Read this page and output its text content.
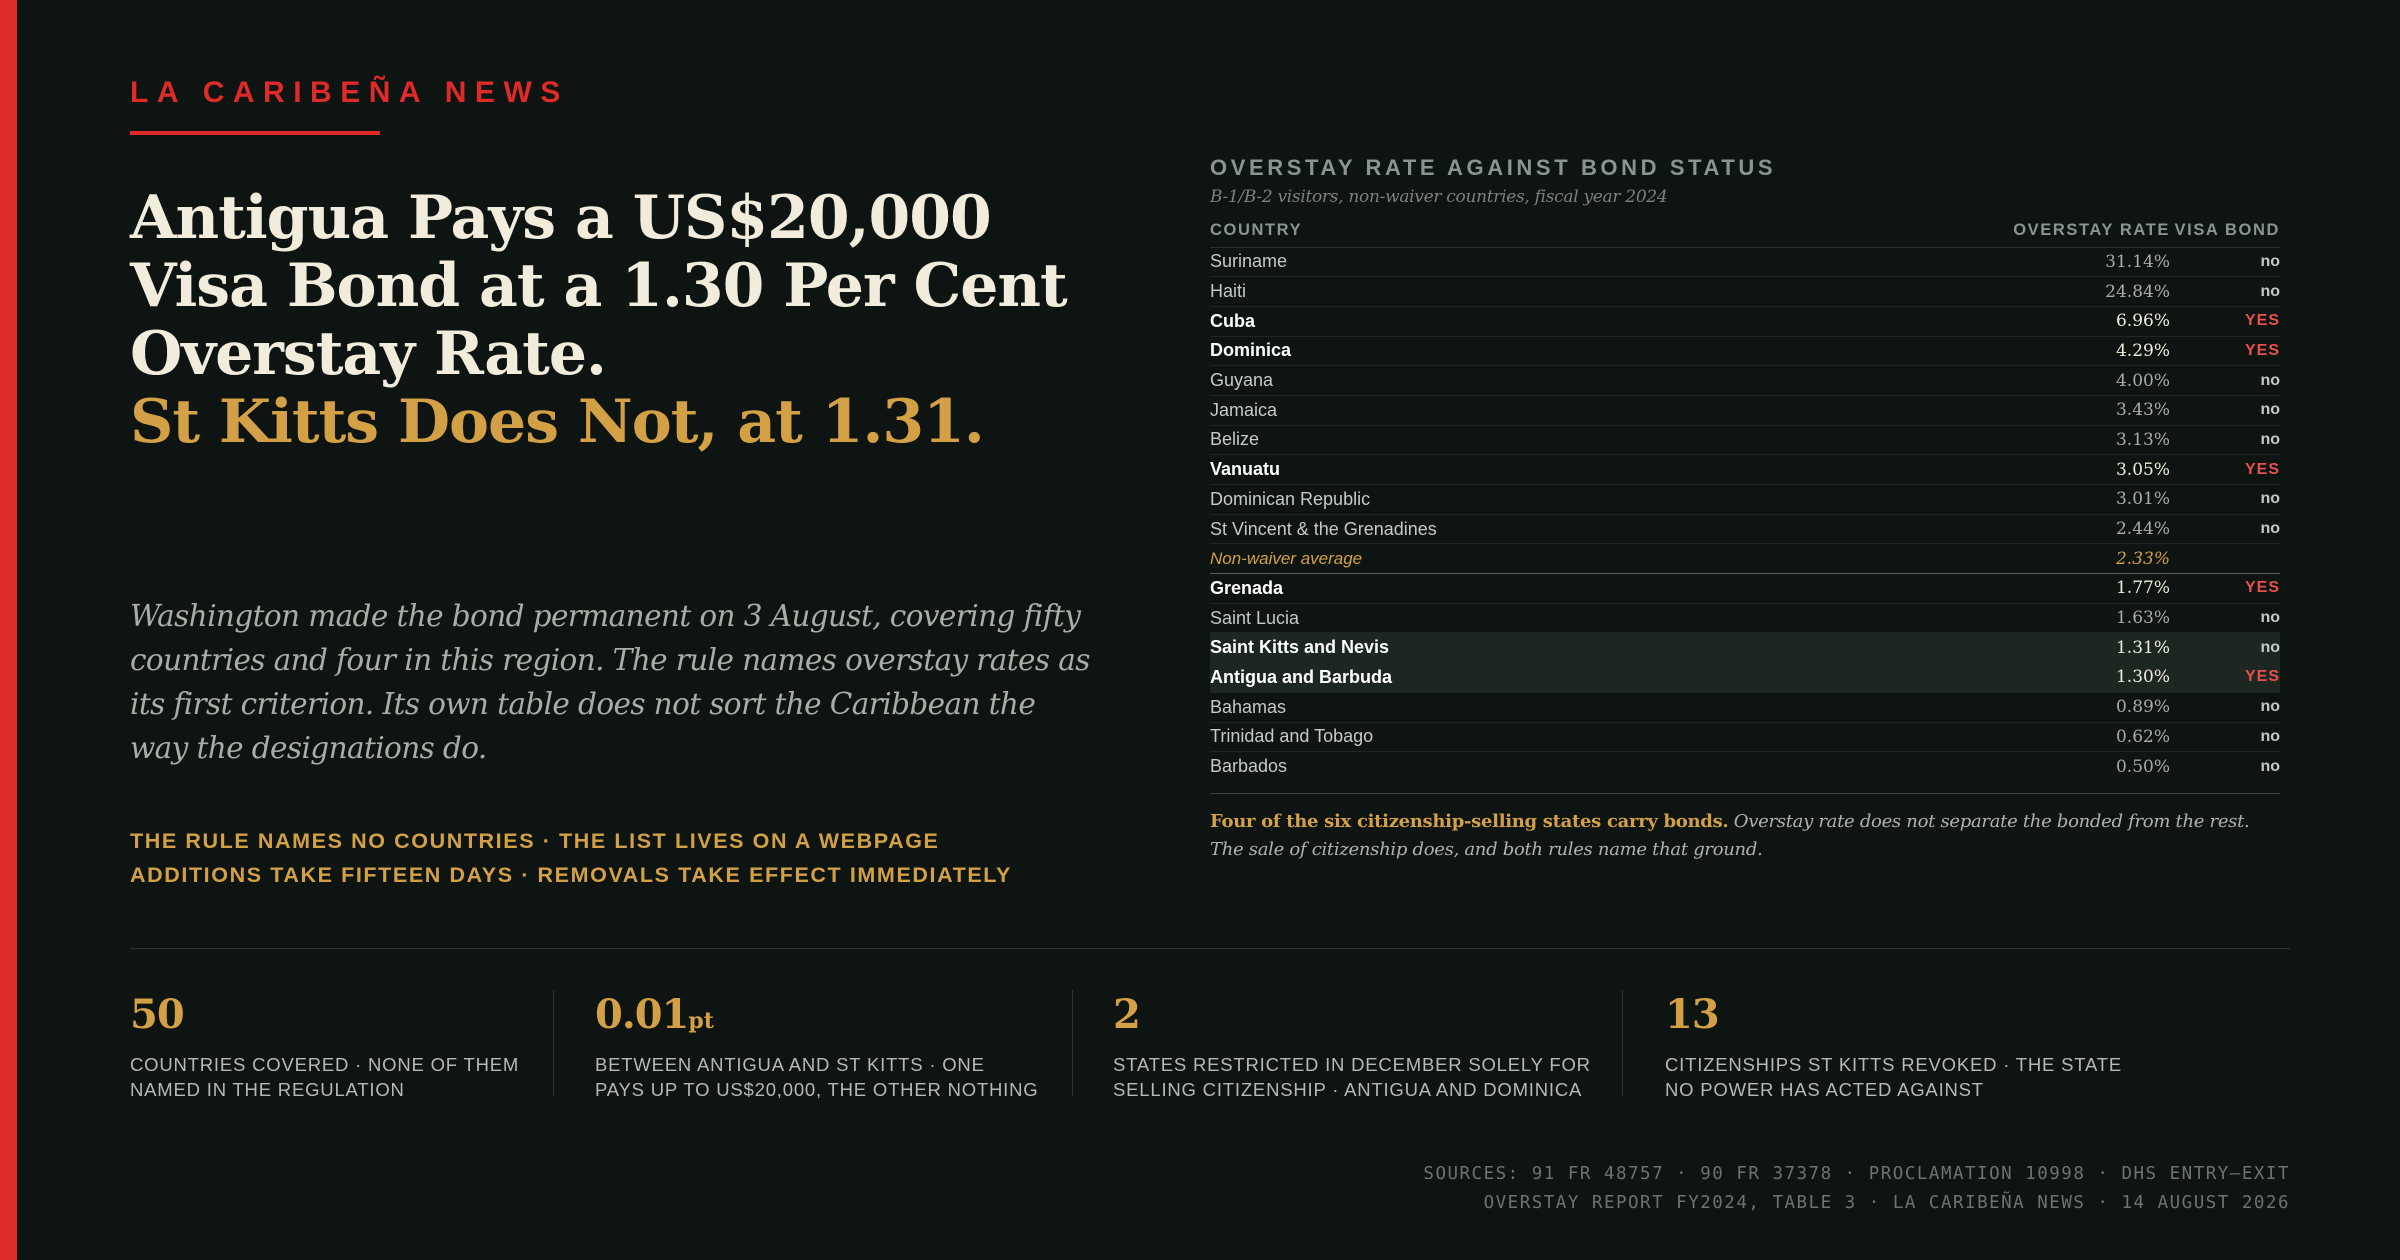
LA CARIBEÑA NEWS
Antigua Pays a US$20,000
Visa Bond at a 1.30 Per Cent
Overstay Rate.
St Kitts Does Not, at 1.31.

Washington made the bond permanent on 3 August, covering fifty countries and four in this region. The rule names overstay rates as its first criterion. Its own table does not sort the Caribbean the way the designations do.

THE RULE NAMES NO COUNTRIES · THE LIST LIVES ON A WEBPAGE
ADDITIONS TAKE FIFTEEN DAYS · REMOVALS TAKE EFFECT IMMEDIATELY
OVERSTAY RATE AGAINST BOND STATUS
B-1/B-2 visitors, non-waiver countries, fiscal year 2024
COUNTRY	OVERSTAY RATE	VISA BOND
Suriname	31.14%	no
Haiti	24.84%	no
Cuba	6.96%	YES
Dominica	4.29%	YES
Guyana	4.00%	no
Jamaica	3.43%	no
Belize	3.13%	no
Vanuatu	3.05%	YES
Dominican Republic	3.01%	no
St Vincent & the Grenadines	2.44%	no
Non-waiver average	2.33%	
Grenada	1.77%	YES
Saint Lucia	1.63%	no
Saint Kitts and Nevis	1.31%	no
Antigua and Barbuda	1.30%	YES
Bahamas	0.89%	no
Trinidad and Tobago	0.62%	no
Barbados	0.50%	no

Four of the six citizenship-selling states carry bonds. Overstay rate does not separate the bonded from the rest. The sale of citizenship does, and both rules name that ground.

50
COUNTRIES COVERED · NONE OF THEM
NAMED IN THE REGULATION
0.01pt
BETWEEN ANTIGUA AND ST KITTS · ONE
PAYS UP TO US$20,000, THE OTHER NOTHING
2
STATES RESTRICTED IN DECEMBER SOLELY FOR
SELLING CITIZENSHIP · ANTIGUA AND DOMINICA
13
CITIZENSHIPS ST KITTS REVOKED · THE STATE
NO POWER HAS ACTED AGAINST
SOURCES: 91 FR 48757 · 90 FR 37378 · PROCLAMATION 10998 · DHS ENTRY–EXIT
OVERSTAY REPORT FY2024, TABLE 3 · LA CARIBEÑA NEWS · 14 AUGUST 2026
